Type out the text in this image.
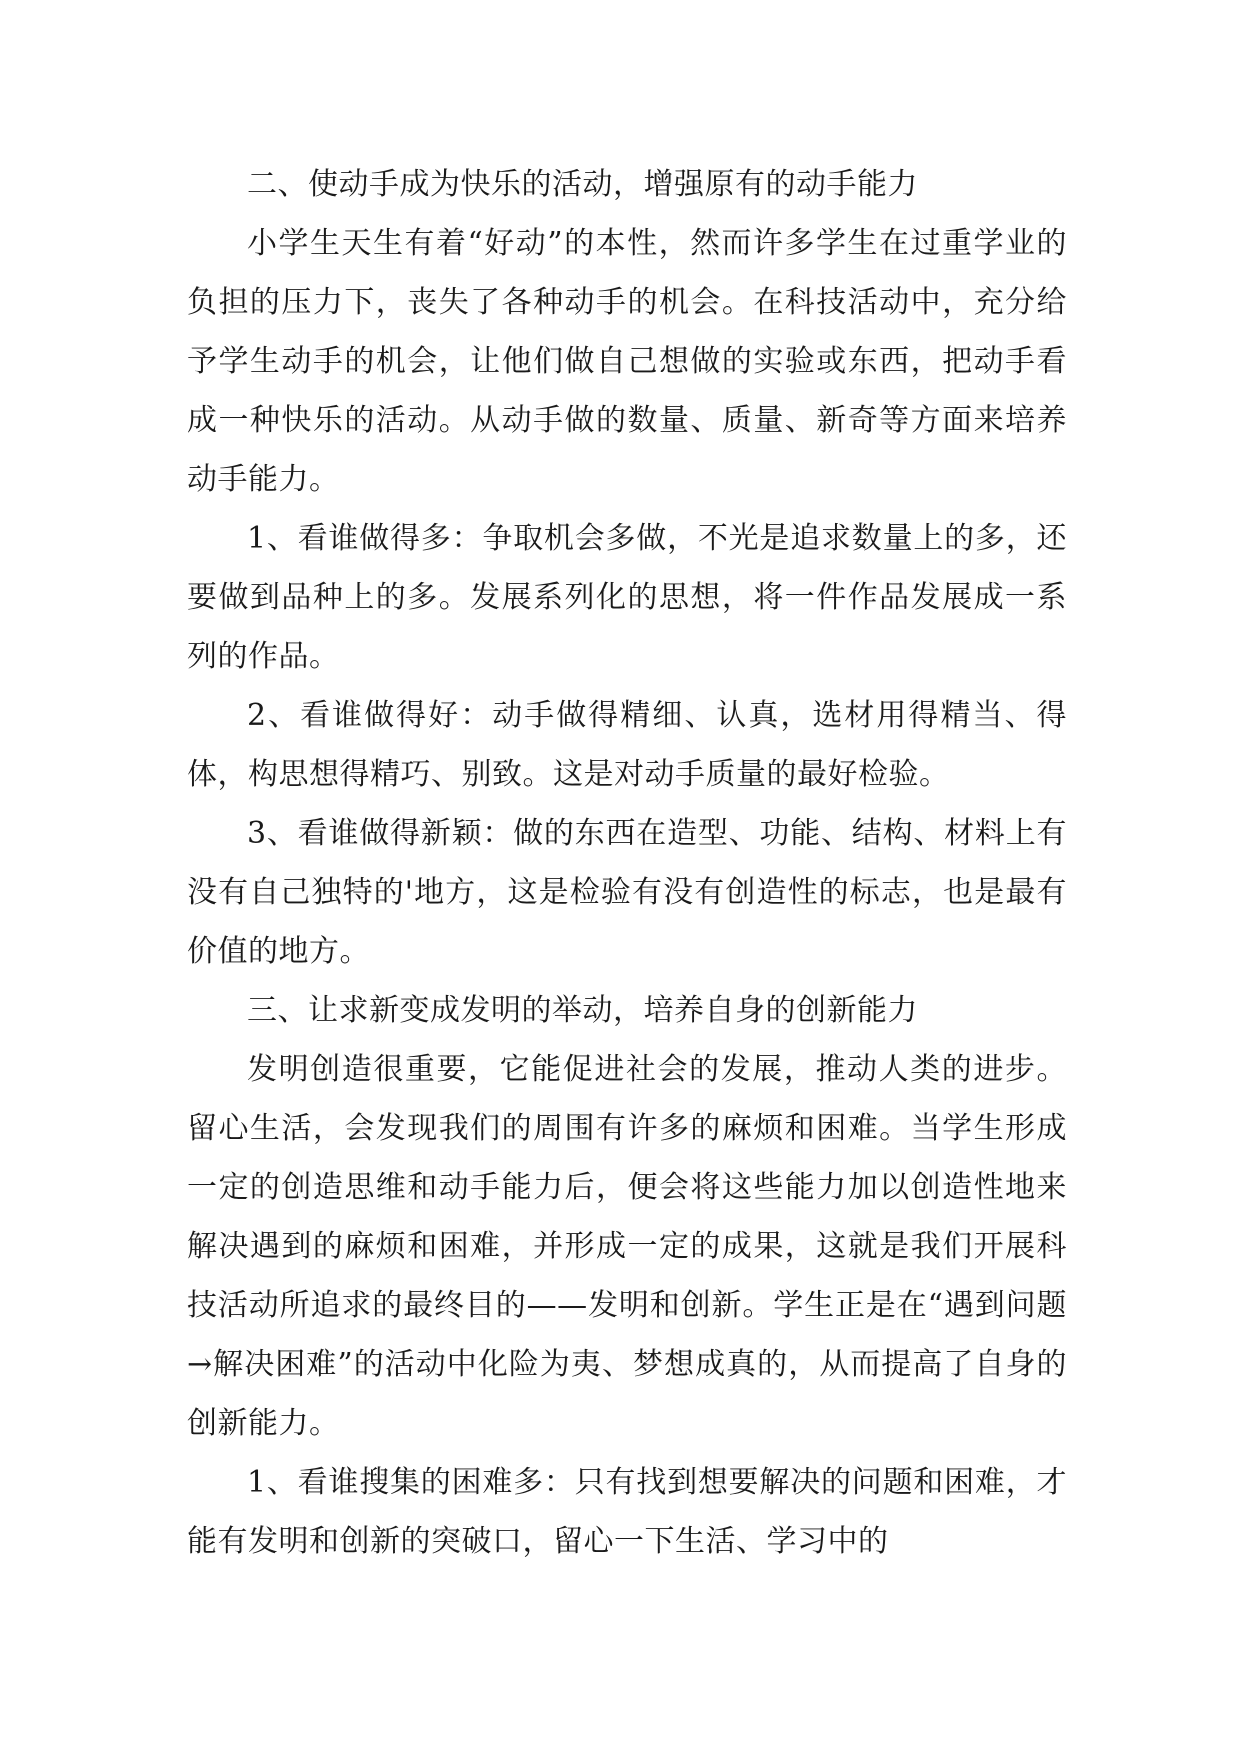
二、使动手成为快乐的活动，增强原有的动手能力

小学生天生有着“好动”的本性，然而许多学生在过重学业的负担的压力下，丧失了各种动手的机会。在科技活动中，充分给予学生动手的机会，让他们做自己想做的实验或东西，把动手看成一种快乐的活动。从动手做的数量、质量、新奇等方面来培养动手能力。

1、看谁做得多：争取机会多做，不光是追求数量上的多，还要做到品种上的多。发展系列化的思想，将一件作品发展成一系列的作品。

2、看谁做得好：动手做得精细、认真，选材用得精当、得体，构思想得精巧、别致。这是对动手质量的最好检验。

3、看谁做得新颖：做的东西在造型、功能、结构、材料上有没有自己独特的'地方，这是检验有没有创造性的标志，也是最有价值的地方。

三、让求新变成发明的举动，培养自身的创新能力

发明创造很重要，它能促进社会的发展，推动人类的进步。留心生活，会发现我们的周围有许多的麻烦和困难。当学生形成一定的创造思维和动手能力后，便会将这些能力加以创造性地来解决遇到的麻烦和困难，并形成一定的成果，这就是我们开展科技活动所追求的最终目的——发明和创新。学生正是在“遇到问题→解决困难”的活动中化险为夷、梦想成真的，从而提高了自身的创新能力。

1、看谁搜集的困难多：只有找到想要解决的问题和困难，才能有发明和创新的突破口，留心一下生活、学习中的
